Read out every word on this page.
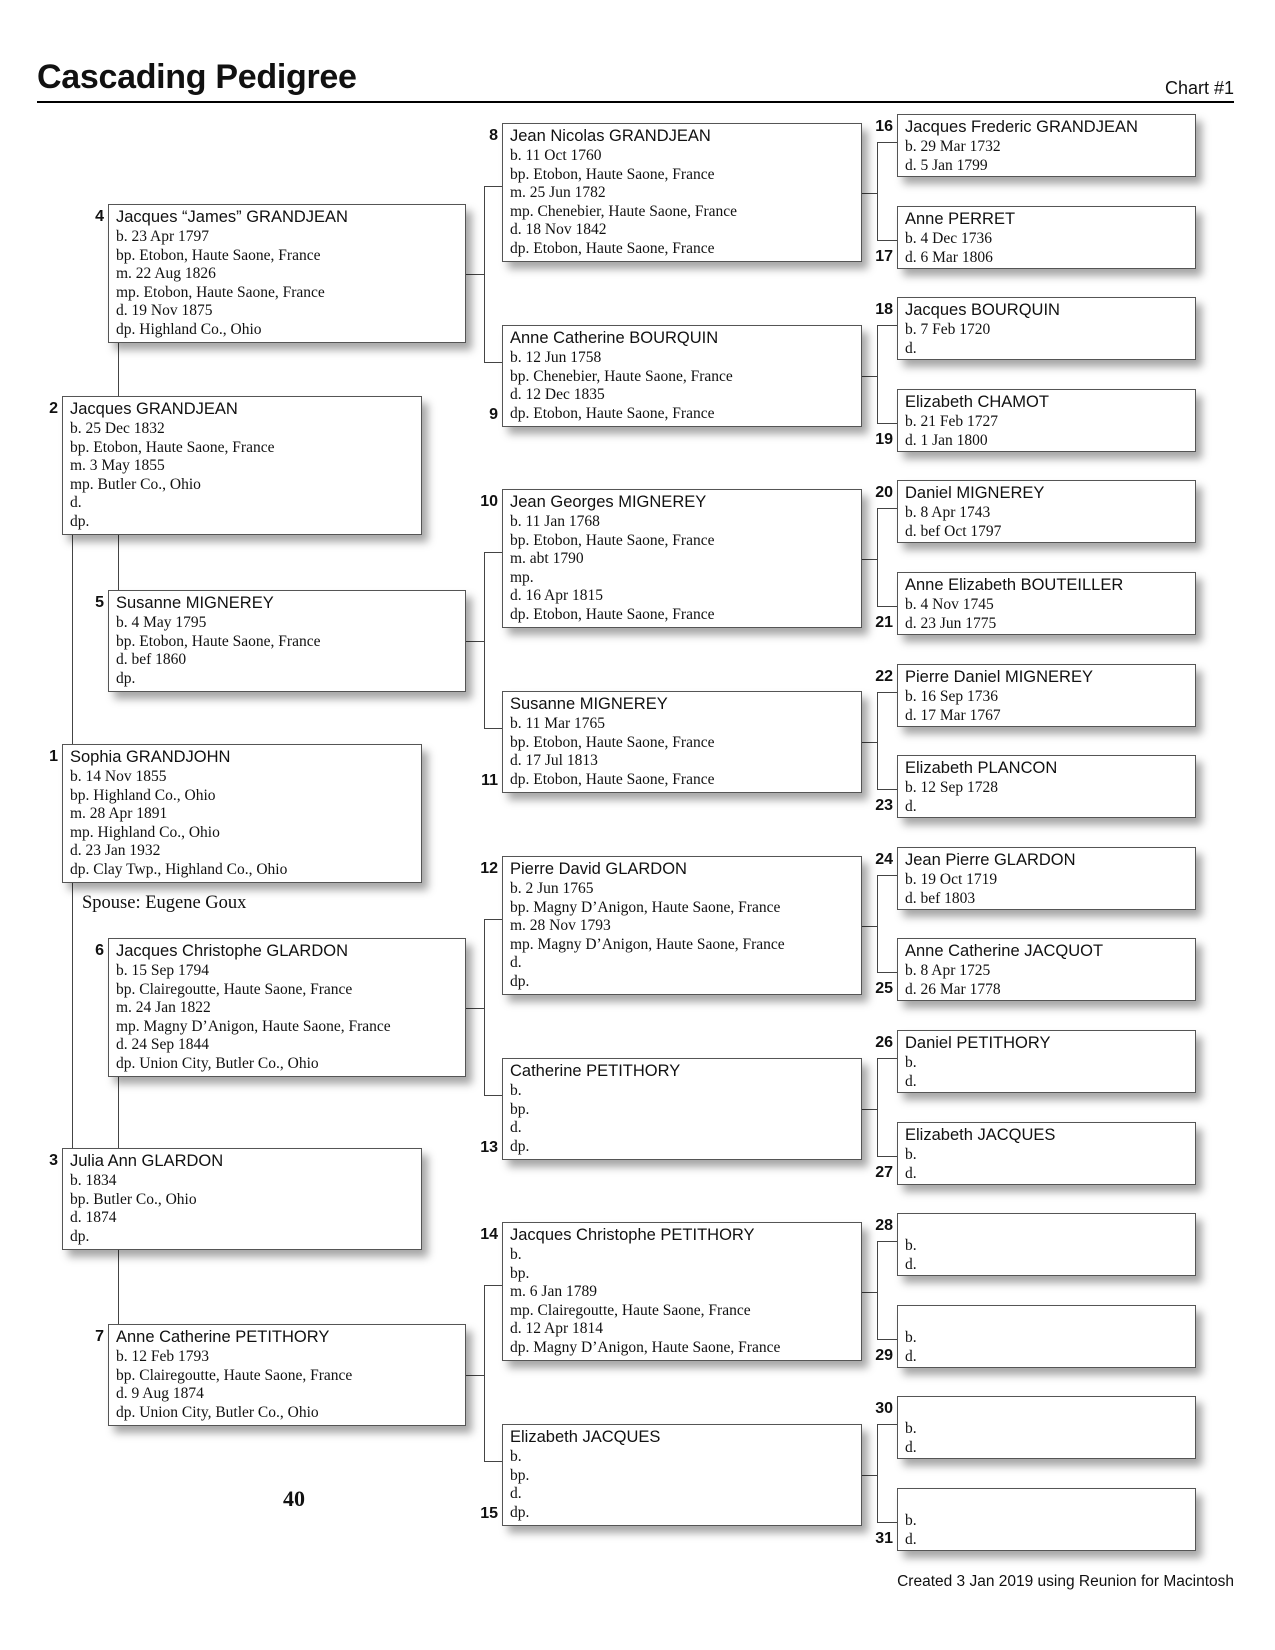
Cascading Pedigree	Chart #1
Sophia GRANDJOHN
b. 14 Nov 1855
bp. Highland Co., Ohio
m. 28 Apr 1891
mp. Highland Co., Ohio
d. 23 Jan 1932
dp. Clay Twp., Highland Co., Ohio
1
Jacques GRANDJEAN
b. 25 Dec 1832
bp. Etobon, Haute Saone, France
m. 3 May 1855
mp. Butler Co., Ohio
d.
dp.
2
Julia Ann GLARDON
b. 1834
bp. Butler Co., Ohio
d. 1874
dp.
3
Jacques “James” GRANDJEAN
b. 23 Apr 1797
bp. Etobon, Haute Saone, France
m. 22 Aug 1826
mp. Etobon, Haute Saone, France
d. 19 Nov 1875
dp. Highland Co., Ohio
4
Susanne MIGNEREY
b. 4 May 1795
bp. Etobon, Haute Saone, France
d. bef 1860
dp.
5
Jacques Christophe GLARDON
b. 15 Sep 1794
bp. Clairegoutte, Haute Saone, France
m. 24 Jan 1822
mp. Magny D’Anigon, Haute Saone, France
d. 24 Sep 1844
dp. Union City, Butler Co., Ohio
6
Anne Catherine PETITHORY
b. 12 Feb 1793
bp. Clairegoutte, Haute Saone, France
d. 9 Aug 1874
dp. Union City, Butler Co., Ohio
7
Jean Nicolas GRANDJEAN
b. 11 Oct 1760
bp. Etobon, Haute Saone, France
m. 25 Jun 1782
mp. Chenebier, Haute Saone, France
d. 18 Nov 1842
dp. Etobon, Haute Saone, France
8
Anne Catherine BOURQUIN
b. 12 Jun 1758
bp. Chenebier, Haute Saone, France
d. 12 Dec 1835
dp. Etobon, Haute Saone, France
9
Jean Georges MIGNEREY
b. 11 Jan 1768
bp. Etobon, Haute Saone, France
m. abt 1790
mp.
d. 16 Apr 1815
dp. Etobon, Haute Saone, France
10
Susanne MIGNEREY
b. 11 Mar 1765
bp. Etobon, Haute Saone, France
d. 17 Jul 1813
dp. Etobon, Haute Saone, France
11
Pierre David GLARDON
b. 2 Jun 1765
bp. Magny D’Anigon, Haute Saone, France
m. 28 Nov 1793
mp. Magny D’Anigon, Haute Saone, France
d.
dp.
12
Catherine PETITHORY
b.
bp.
d.
dp.
13
Jacques Christophe PETITHORY
b.
bp.
m. 6 Jan 1789
mp. Clairegoutte, Haute Saone, France
d. 12 Apr 1814
dp. Magny D’Anigon, Haute Saone, France
14
Elizabeth JACQUES
b.
bp.
d.
dp.
15
Jacques Frederic GRANDJEAN
b. 29 Mar 1732
d. 5 Jan 1799
16
Anne PERRET
b. 4 Dec 1736
d. 6 Mar 1806
17
Jacques BOURQUIN
b. 7 Feb 1720
d.
18
Elizabeth CHAMOT
b. 21 Feb 1727
d. 1 Jan 1800
19
Daniel MIGNEREY
b. 8 Apr 1743
d. bef Oct 1797
20
Anne Elizabeth BOUTEILLER
b. 4 Nov 1745
d. 23 Jun 1775
21
Pierre Daniel MIGNEREY
b. 16 Sep 1736
d. 17 Mar 1767
22
Elizabeth PLANCON
b. 12 Sep 1728
d.
23
Jean Pierre GLARDON
b. 19 Oct 1719
d. bef 1803
24
Anne Catherine JACQUOT
b. 8 Apr 1725
d. 26 Mar 1778
25
Daniel PETITHORY
b.
d.
26
Elizabeth JACQUES
b.
d.
27
b.
d.
28
b.
d.
29
b.
d.
30
b.
d.
31
Spouse: Eugene Goux
40
Created 3 Jan 2019 using Reunion for Macintosh
